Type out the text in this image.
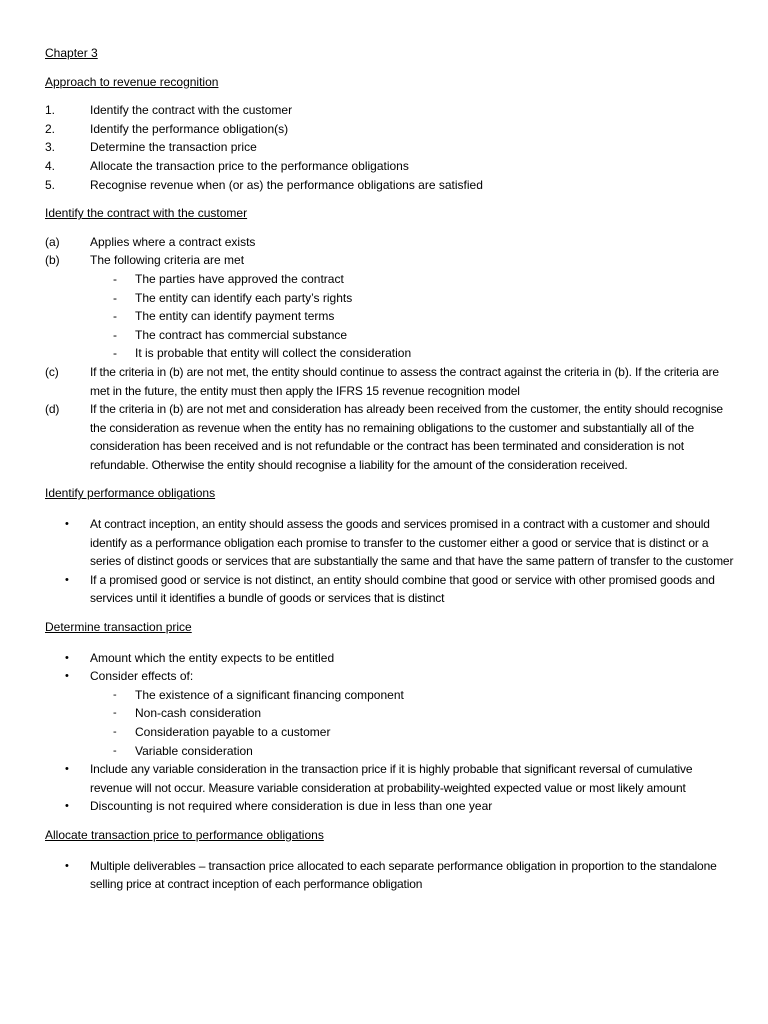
Chapter 3

Approach to revenue recognition

1.	Identify the contract with the customer
2.	Identify the performance obligation(s)
3.	Determine the transaction price
4.	Allocate the transaction price to the performance obligations
5.	Recognise revenue when (or as) the performance obligations are satisfied

Identify the contract with the customer

(a)	Applies where a contract exists
(b)	The following criteria are met
-	The parties have approved the contract
-	The entity can identify each party’s rights
-	The entity can identify payment terms
-	The contract has commercial substance
-	It is probable that entity will collect the consideration
(c)	If the criteria in (b) are not met, the entity should continue to assess the contract against the criteria in (b). If the criteria are met in the future, the entity must then apply the IFRS 15 revenue recognition model
(d)	If the criteria in (b) are not met and consideration has already been received from the customer, the entity should recognise the consideration as revenue when the entity has no remaining obligations to the customer and substantially all of the consideration has been received and is not refundable or the contract has been terminated and consideration is not refundable. Otherwise the entity should recognise a liability for the amount of the consideration received.

Identify performance obligations

•	At contract inception, an entity should assess the goods and services promised in a contract with a customer and should identify as a performance obligation each promise to transfer to the customer either a good or service that is distinct or a series of distinct goods or services that are substantially the same and that have the same pattern of transfer to the customer
•	If a promised good or service is not distinct, an entity should combine that good or service with other promised goods and services until it identifies a bundle of goods or services that is distinct

Determine transaction price

•	Amount which the entity expects to be entitled
•	Consider effects of:
-	The existence of a significant financing component
-	Non-cash consideration
-	Consideration payable to a customer
-	Variable consideration
•	Include any variable consideration in the transaction price if it is highly probable that significant reversal of cumulative revenue will not occur. Measure variable consideration at probability-weighted expected value or most likely amount
•	Discounting is not required where consideration is due in less than one year

Allocate transaction price to performance obligations

•	Multiple deliverables – transaction price allocated to each separate performance obligation in proportion to the standalone selling price at contract inception of each performance obligation
